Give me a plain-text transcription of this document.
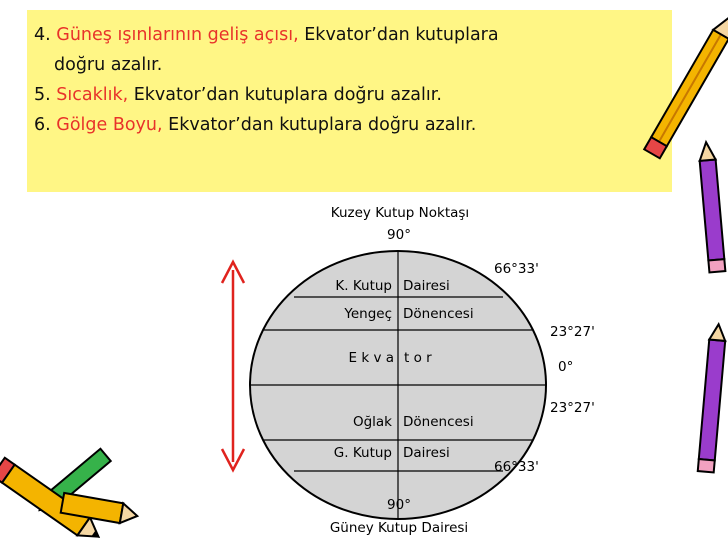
4. Güneş ışınlarının geliş açısı, Ekvator’dan kutuplara
doğru azalır.
5. Sıcaklık, Ekvator’dan kutuplara doğru azalır.
6. Gölge Boyu, Ekvator’dan kutuplara doğru azalır.
Kuzey Kutup Noktaşı
90°
90°
Güney Kutup Dairesi
K. Kutup
Yengeç
E k v a
Oğlak
G. Kutup
Dairesi
Dönencesi
t o r
Dönencesi
Dairesi
66°33'
23°27'
0°
23°27'
66°33'
